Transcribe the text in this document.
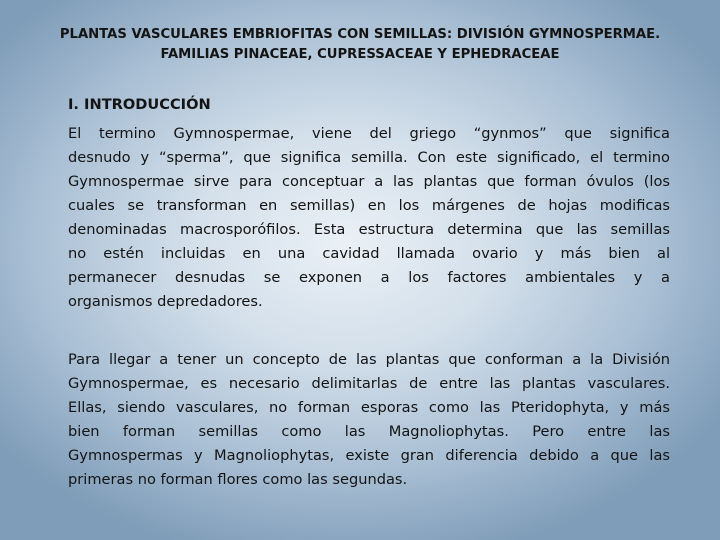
PLANTAS VASCULARES EMBRIOFITAS CON SEMILLAS: DIVISIÓN GYMNOSPERMAE.
FAMILIAS PINACEAE, CUPRESSACEAE Y EPHEDRACEAE
I. INTRODUCCIÓN
El termino Gymnospermae, viene del griego “gynmos” que significa
desnudo y “sperma”, que significa semilla. Con este significado, el termino
Gymnospermae sirve para conceptuar a las plantas que forman óvulos (los
cuales se transforman en semillas) en los márgenes de hojas modificas
denominadas macrosporófilos. Esta estructura determina que las semillas
no estén incluidas en una cavidad llamada ovario y más bien al
permanecer desnudas se exponen a los factores ambientales y a
organismos depredadores.
Para llegar a tener un concepto de las plantas que conforman a la División
Gymnospermae, es necesario delimitarlas de entre las plantas vasculares.
Ellas, siendo vasculares, no forman esporas como las Pteridophyta, y más
bien forman semillas como las Magnoliophytas. Pero entre las
Gymnospermas y Magnoliophytas, existe gran diferencia debido a que las
primeras no forman flores como las segundas.
